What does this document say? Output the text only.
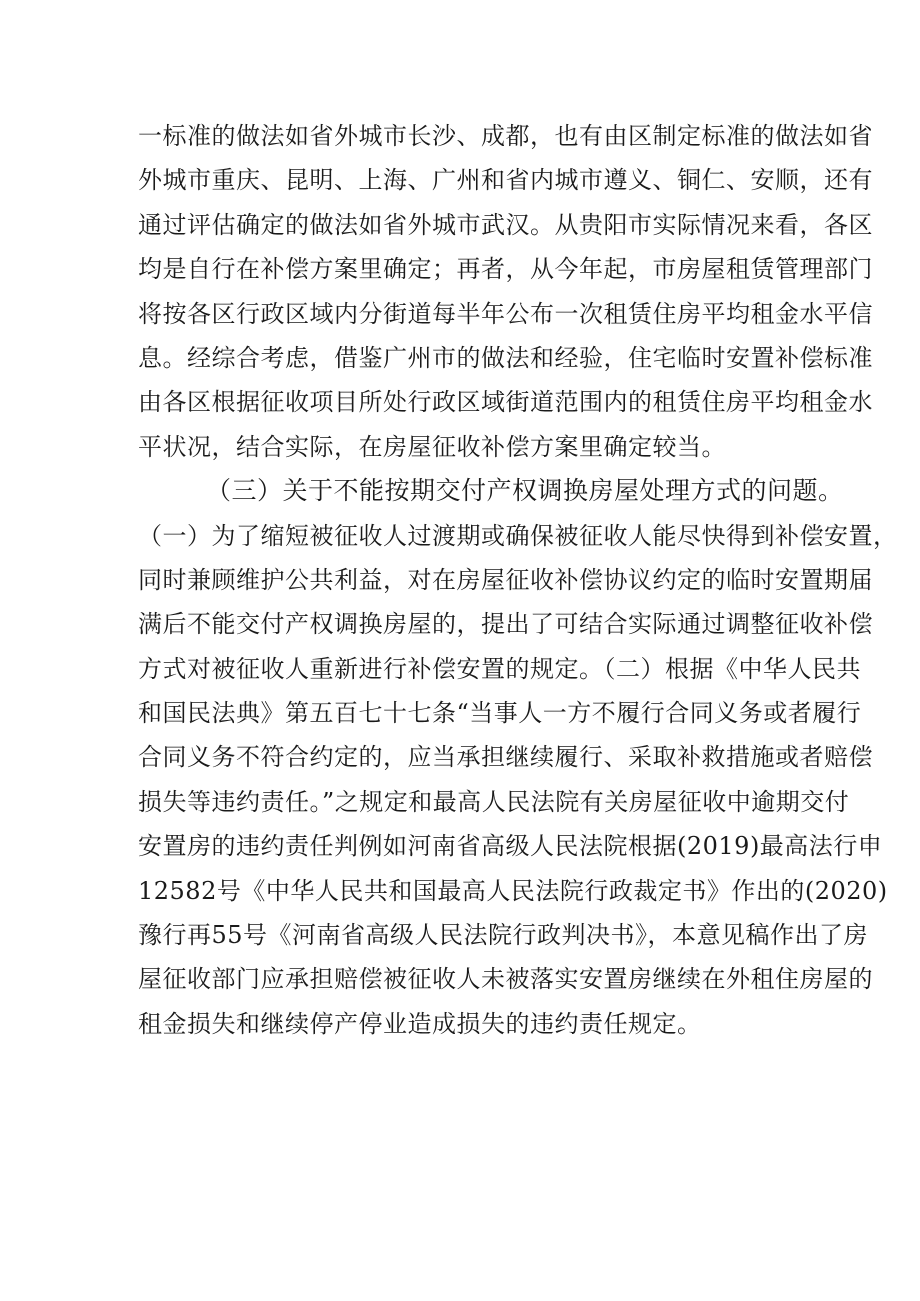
一标准的做法如省外城市长沙、成都，也有由区制定标准的做法如省
外城市重庆、昆明、上海、广州和省内城市遵义、铜仁、安顺，还有
通过评估确定的做法如省外城市武汉。从贵阳市实际情况来看，各区
均是自行在补偿方案里确定；再者，从今年起，市房屋租赁管理部门
将按各区行政区域内分街道每半年公布一次租赁住房平均租金水平信
息。经综合考虑，借鉴广州市的做法和经验，住宅临时安置补偿标准
由各区根据征收项目所处行政区域街道范围内的租赁住房平均租金水
平状况，结合实际，在房屋征收补偿方案里确定较当。
（三）关于不能按期交付产权调换房屋处理方式的问题。
（一）为了缩短被征收人过渡期或确保被征收人能尽快得到补偿安置，
同时兼顾维护公共利益，对在房屋征收补偿协议约定的临时安置期届
满后不能交付产权调换房屋的，提出了可结合实际通过调整征收补偿
方式对被征收人重新进行补偿安置的规定。（二）根据《中华人民共
和国民法典》第五百七十七条“当事人一方不履行合同义务或者履行
合同义务不符合约定的，应当承担继续履行、采取补救措施或者赔偿
损失等违约责任。”之规定和最高人民法院有关房屋征收中逾期交付
安置房的违约责任判例如河南省高级人民法院根据(2019)最高法行申
12582号《中华人民共和国最高人民法院行政裁定书》作出的(2020)
豫行再55号《河南省高级人民法院行政判决书》，本意见稿作出了房
屋征收部门应承担赔偿被征收人未被落实安置房继续在外租住房屋的
租金损失和继续停产停业造成损失的违约责任规定。
